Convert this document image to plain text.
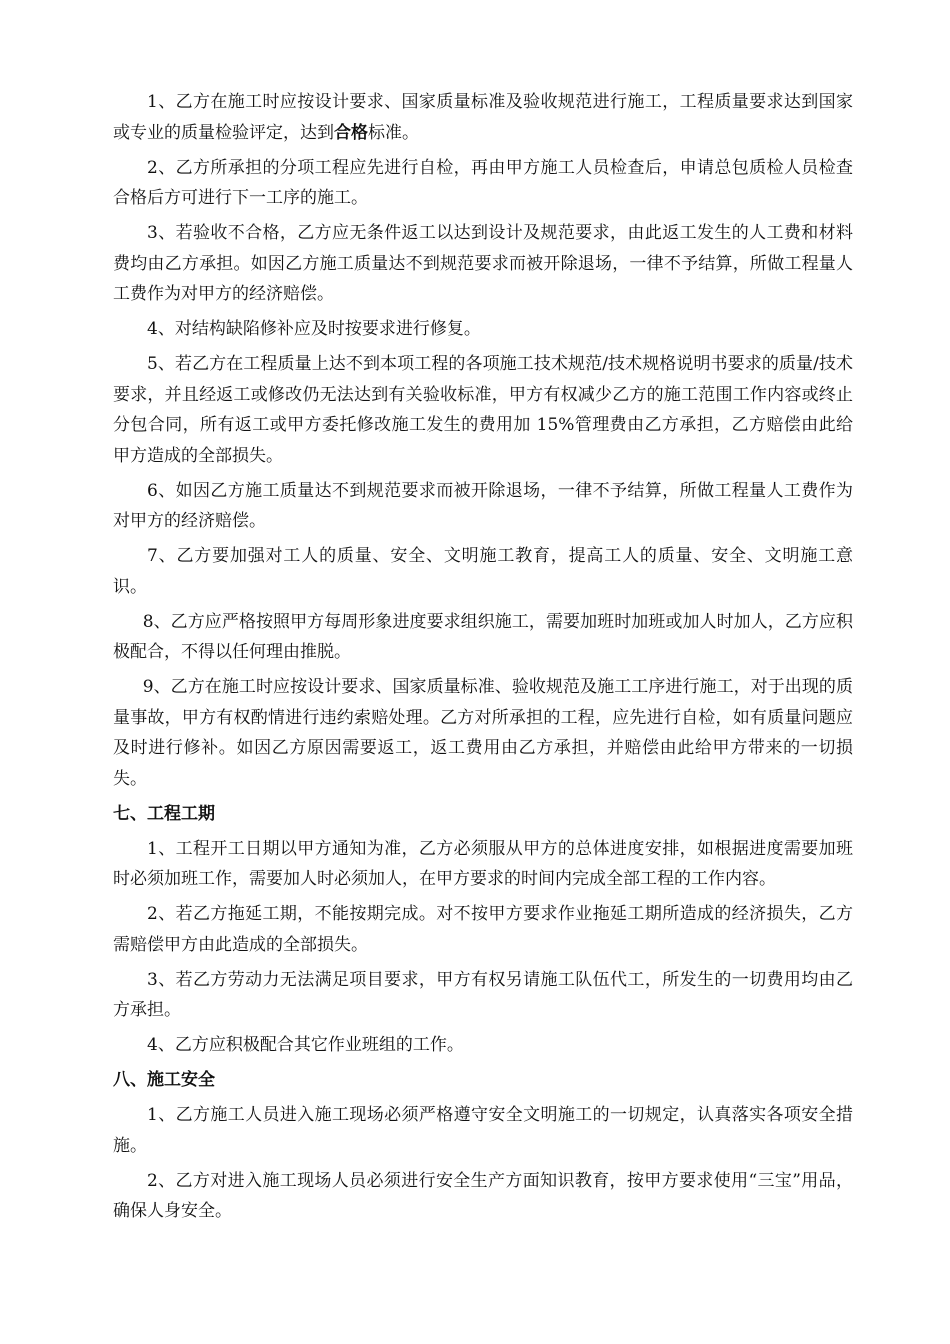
1、乙方在施工时应按设计要求、国家质量标准及验收规范进行施工，工程质量要求达到国家或专业的质量检验评定，达到合格标准。

2、乙方所承担的分项工程应先进行自检，再由甲方施工人员检查后，申请总包质检人员检查合格后方可进行下一工序的施工。

3、若验收不合格，乙方应无条件返工以达到设计及规范要求，由此返工发生的人工费和材料费均由乙方承担。如因乙方施工质量达不到规范要求而被开除退场，一律不予结算，所做工程量人工费作为对甲方的经济赔偿。

4、对结构缺陷修补应及时按要求进行修复。

5、若乙方在工程质量上达不到本项工程的各项施工技术规范/技术规格说明书要求的质量/技术要求，并且经返工或修改仍无法达到有关验收标准，甲方有权减少乙方的施工范围工作内容或终止分包合同，所有返工或甲方委托修改施工发生的费用加 15%管理费由乙方承担，乙方赔偿由此给甲方造成的全部损失。

6、如因乙方施工质量达不到规范要求而被开除退场，一律不予结算，所做工程量人工费作为对甲方的经济赔偿。

7、乙方要加强对工人的质量、安全、文明施工教育，提高工人的质量、安全、文明施工意识。

8、乙方应严格按照甲方每周形象进度要求组织施工，需要加班时加班或加人时加人，乙方应积极配合，不得以任何理由推脱。

9、乙方在施工时应按设计要求、国家质量标准、验收规范及施工工序进行施工，对于出现的质量事故，甲方有权酌情进行违约索赔处理。乙方对所承担的工程，应先进行自检，如有质量问题应及时进行修补。如因乙方原因需要返工，返工费用由乙方承担，并赔偿由此给甲方带来的一切损失。

七、工程工期

1、工程开工日期以甲方通知为准，乙方必须服从甲方的总体进度安排，如根据进度需要加班时必须加班工作，需要加人时必须加人，在甲方要求的时间内完成全部工程的工作内容。

2、若乙方拖延工期，不能按期完成。对不按甲方要求作业拖延工期所造成的经济损失，乙方需赔偿甲方由此造成的全部损失。

3、若乙方劳动力无法满足项目要求，甲方有权另请施工队伍代工，所发生的一切费用均由乙方承担。

4、乙方应积极配合其它作业班组的工作。

八、施工安全

1、乙方施工人员进入施工现场必须严格遵守安全文明施工的一切规定，认真落实各项安全措施。

2、乙方对进入施工现场人员必须进行安全生产方面知识教育，按甲方要求使用“三宝”用品，确保人身安全。
